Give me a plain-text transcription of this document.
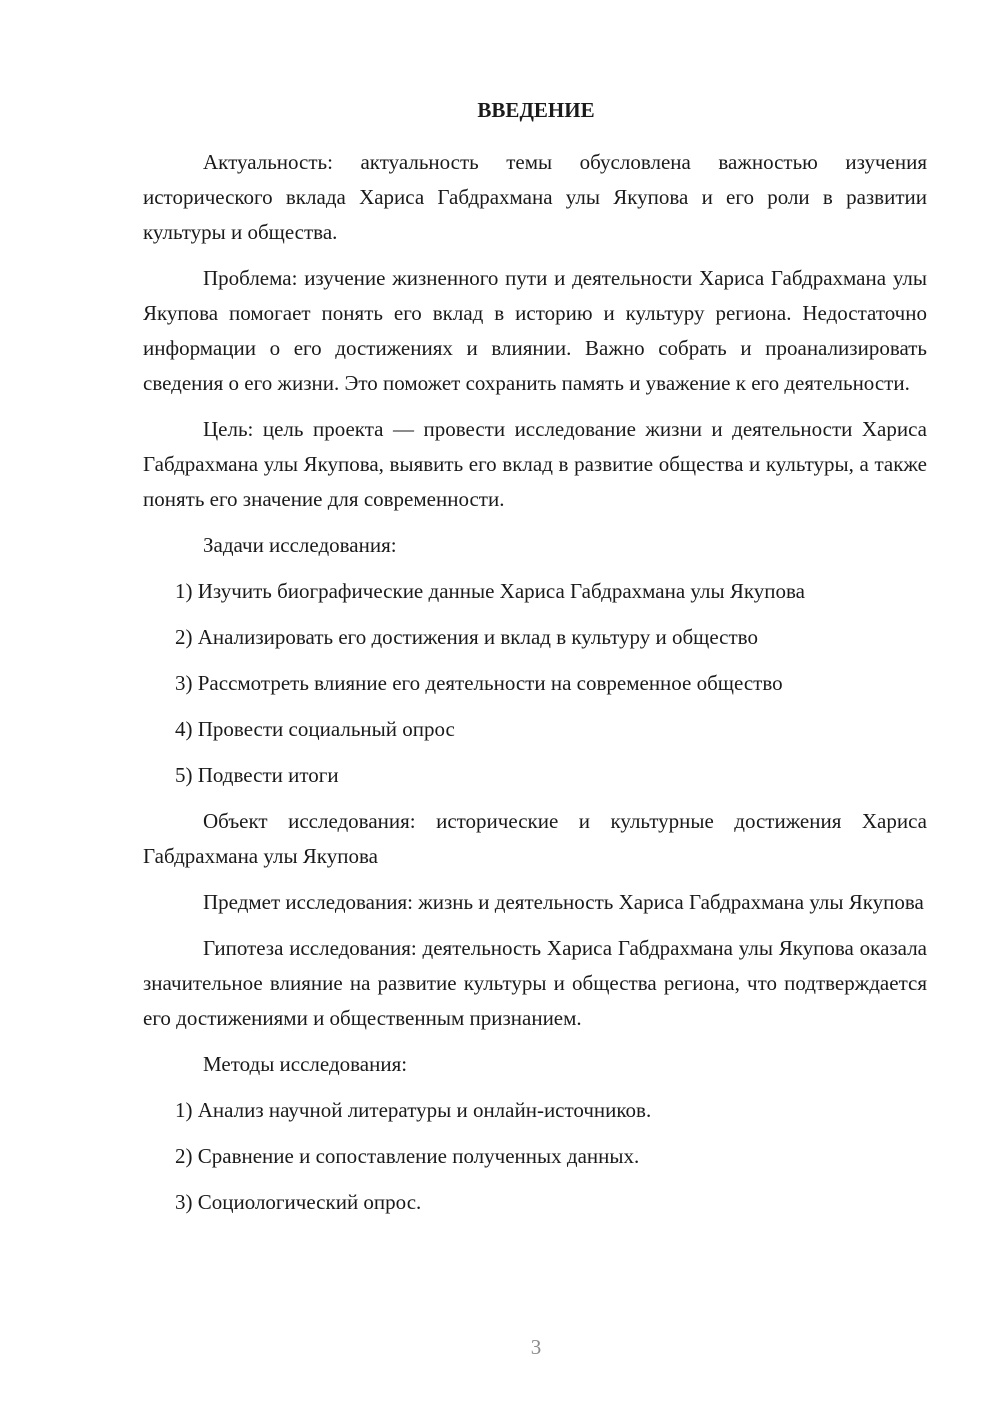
ВВЕДЕНИЕ

Актуальность: актуальность темы обусловлена важностью изучения исторического вклада Хариса Габдрахмана улы Якупова и его роли в развитии культуры и общества.

Проблема: изучение жизненного пути и деятельности Хариса Габдрахмана улы Якупова помогает понять его вклад в историю и культуру региона. Недостаточно информации о его достижениях и влиянии. Важно собрать и проанализировать сведения о его жизни. Это поможет сохранить память и уважение к его деятельности.

Цель: цель проекта — провести исследование жизни и деятельности Хариса Габдрахмана улы Якупова, выявить его вклад в развитие общества и культуры, а также понять его значение для современности.

Задачи исследования:
1) Изучить биографические данные Хариса Габдрахмана улы Якупова
2) Анализировать его достижения и вклад в культуру и общество
3) Рассмотреть влияние его деятельности на современное общество
4) Провести социальный опрос
5) Подвести итоги

Объект исследования: исторические и культурные достижения Хариса Габдрахмана улы Якупова

Предмет исследования: жизнь и деятельность Хариса Габдрахмана улы Якупова

Гипотеза исследования: деятельность Хариса Габдрахмана улы Якупова оказала значительное влияние на развитие культуры и общества региона, что подтверждается его достижениями и общественным признанием.

Методы исследования:
1) Анализ научной литературы и онлайн-источников.
2) Сравнение и сопоставление полученных данных.
3) Социологический опрос.
3
